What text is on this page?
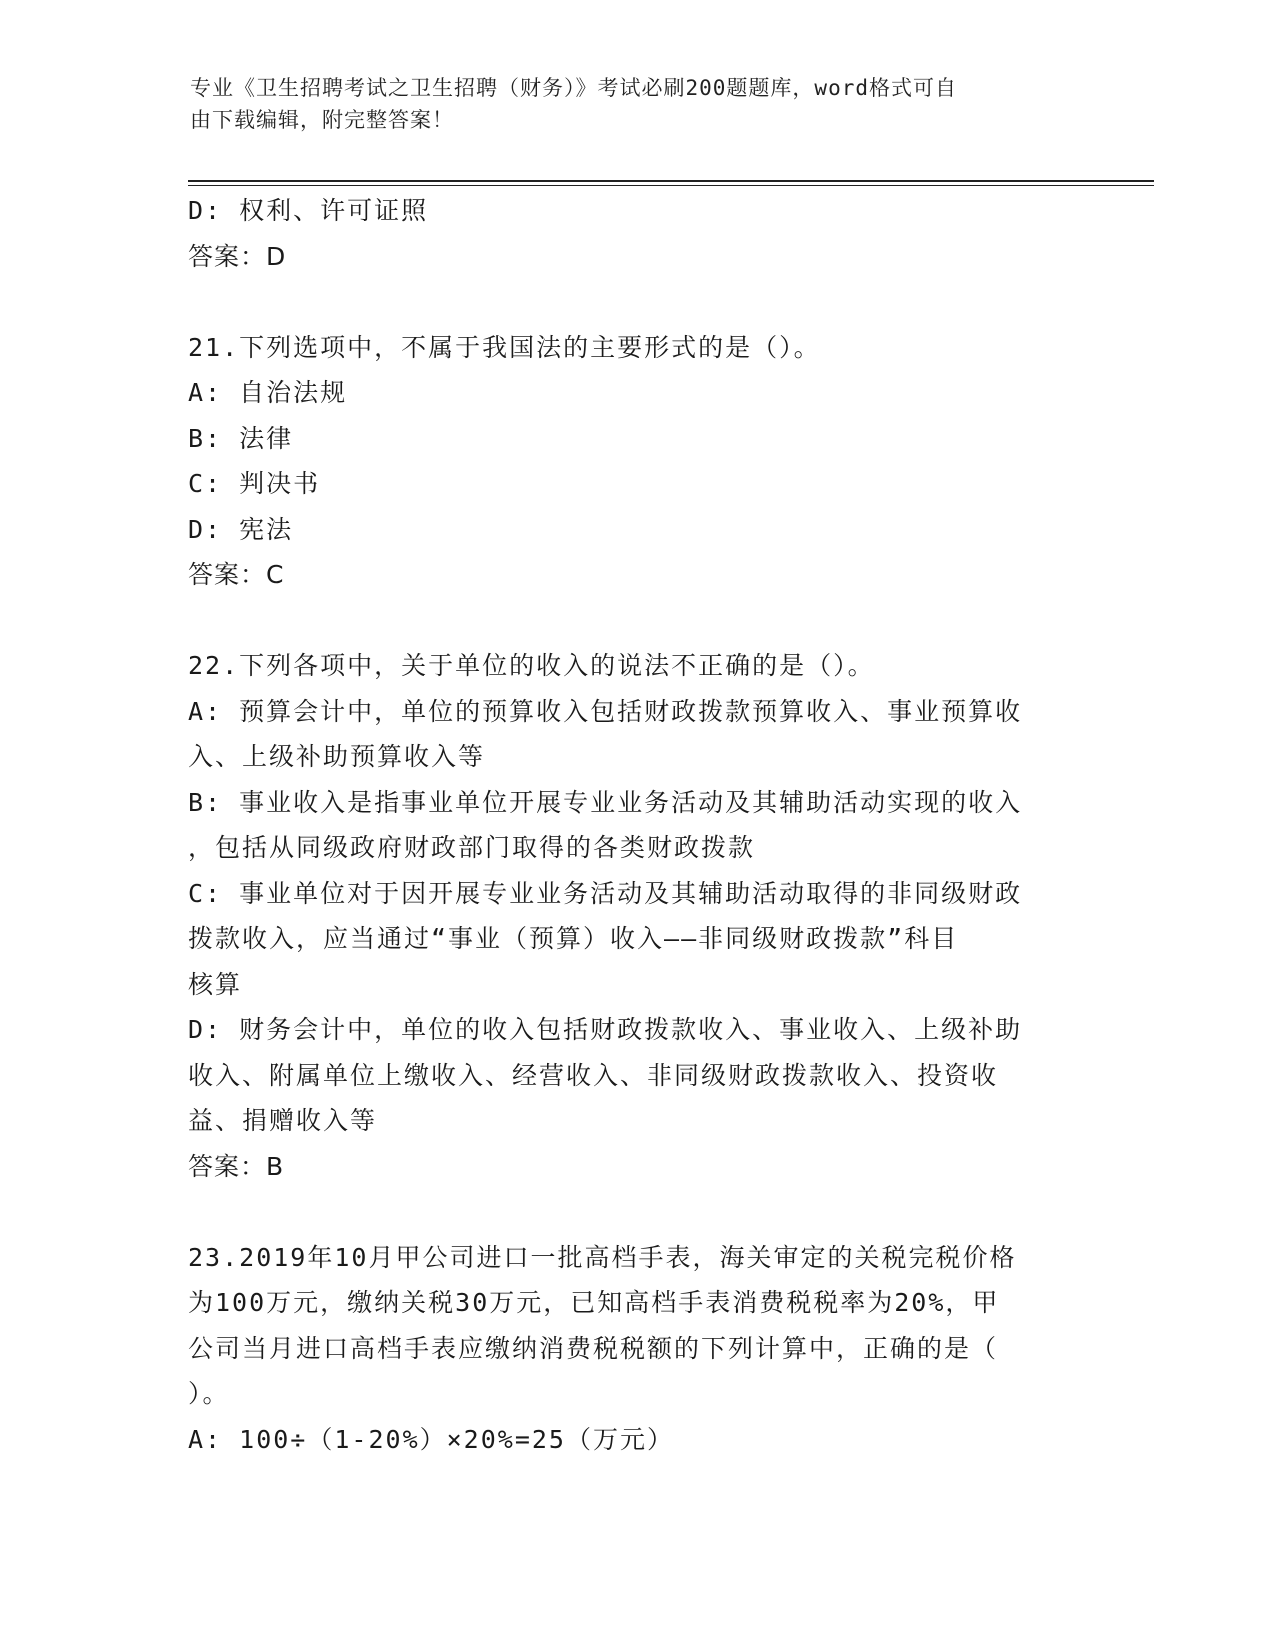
专业《卫生招聘考试之卫生招聘（财务）》考试必刷200题题库，word格式可自
由下载编辑，附完整答案！
D: 权利、许可证照
答案：D
21.下列选项中，不属于我国法的主要形式的是（）。
A: 自治法规
B: 法律
C: 判决书
D: 宪法
答案：C
22.下列各项中，关于单位的收入的说法不正确的是（）。
A: 预算会计中，单位的预算收入包括财政拨款预算收入、事业预算收
入、上级补助预算收入等
B: 事业收入是指事业单位开展专业业务活动及其辅助活动实现的收入
，包括从同级政府财政部门取得的各类财政拨款
C: 事业单位对于因开展专业业务活动及其辅助活动取得的非同级财政
拨款收入，应当通过“事业（预算）收入——非同级财政拨款”科目
核算
D: 财务会计中，单位的收入包括财政拨款收入、事业收入、上级补助
收入、附属单位上缴收入、经营收入、非同级财政拨款收入、投资收
益、捐赠收入等
答案：B
23.2019年10月甲公司进口一批高档手表，海关审定的关税完税价格
为100万元，缴纳关税30万元，已知高档手表消费税税率为20%，甲
公司当月进口高档手表应缴纳消费税税额的下列计算中，正确的是（
）。
A: 100÷（1-20%）×20%=25（万元）
